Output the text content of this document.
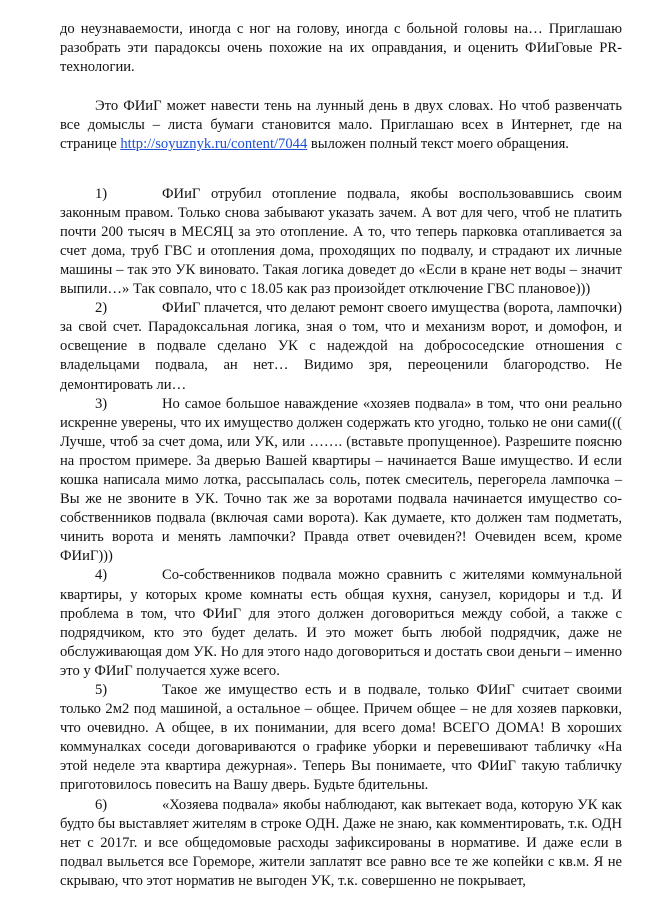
до неузнаваемости, иногда с ног на голову, иногда с больной головы на… Приглашаю разобрать эти парадоксы очень похожие на их оправдания, и оценить ФИиГовые PR-технологии.

Это ФИиГ может навести тень на лунный день в двух словах. Но чтоб развенчать все домыслы – листа бумаги становится мало. Приглашаю всех в Интернет, где на странице http://soyuznyk.ru/content/7044 выложен полный текст моего обращения.

1)	ФИиГ отрубил отопление подвала, якобы воспользовавшись своим законным правом. Только снова забывают указать зачем. А вот для чего, чтоб не платить почти 200 тысяч в МЕСЯЦ за это отопление. А то, что теперь парковка отапливается за счет дома, труб ГВС и отопления дома, проходящих по подвалу, и страдают их личные машины – так это УК виновато. Такая логика доведет до «Если в кране нет воды – значит выпили…» Так совпало, что с 18.05 как раз произойдет отключение ГВС плановое)))

2)	ФИиГ плачется, что делают ремонт своего имущества (ворота, лампочки) за свой счет. Парадоксальная логика, зная о том, что и механизм ворот, и домофон, и освещение в подвале сделано УК с надеждой на добрососедские отношения с владельцами подвала, ан нет… Видимо зря, переоценили благородство. Не демонтировать ли…

3)	Но самое большое наваждение «хозяев подвала» в том, что они реально искренне уверены, что их имущество должен содержать кто угодно, только не они сами((( Лучше, чтоб за счет дома, или УК, или ……. (вставьте пропущенное). Разрешите поясню на простом примере. За дверью Вашей квартиры – начинается Ваше имущество. И если кошка написала мимо лотка, рассыпалась соль, потек смеситель, перегорела лампочка – Вы же не звоните в УК. Точно так же за воротами подвала начинается имущество со-собственников подвала (включая сами ворота). Как думаете, кто должен там подметать, чинить ворота и менять лампочки? Правда ответ очевиден?! Очевиден всем, кроме ФИиГ)))

4)	Со-собственников подвала можно сравнить с жителями коммунальной квартиры, у которых кроме комнаты есть общая кухня, санузел, коридоры и т.д. И проблема в том, что ФИиГ для этого должен договориться между собой, а также с подрядчиком, кто это будет делать. И это может быть любой подрядчик, даже не обслуживающая дом УК. Но для этого надо договориться и достать свои деньги – именно это у ФИиГ получается хуже всего.

5)	Такое же имущество есть и в подвале, только ФИиГ считает своими только 2м2 под машиной, а остальное – общее. Причем общее – не для хозяев парковки, что очевидно. А общее, в их понимании, для всего дома! ВСЕГО ДОМА! В хороших коммуналках соседи договариваются о графике уборки и перевешивают табличку «На этой неделе эта квартира дежурная». Теперь Вы понимаете, что ФИиГ такую табличку приготовилось повесить на Вашу дверь. Будьте бдительны.

6)	«Хозяева подвала» якобы наблюдают, как вытекает вода, которую УК как будто бы выставляет жителям в строке ОДН. Даже не знаю, как комментировать, т.к. ОДН нет с 2017г. и все общедомовые расходы зафиксированы в нормативе. И даже если в подвал выльется все Гореморе, жители заплатят все равно все те же копейки с кв.м. Я не скрываю, что этот норматив не выгоден УК, т.к. совершенно не покрывает,
